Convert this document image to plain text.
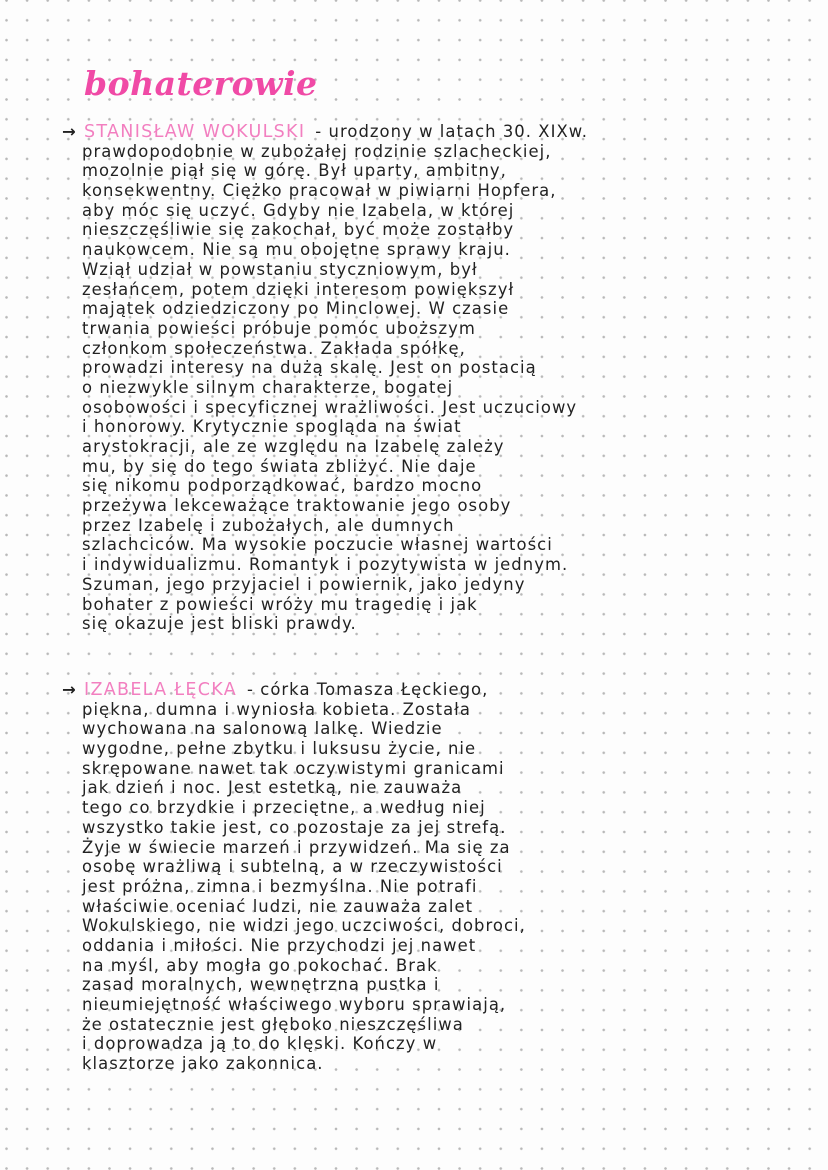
bohaterowie
→ STANISŁAW WOKULSKI - urodzony w latach 30. XIXw.
prawdopodobnie w zubożałej rodzinie szlacheckiej,
mozolnie piął się w górę. Był uparty, ambitny,
konsekwentny. Ciężko pracował w piwiarni Hopfera,
aby móc się uczyć. Gdyby nie Izabela, w której
nieszczęśliwie się zakochał, być może zostałby
naukowcem. Nie są mu obojętne sprawy kraju.
Wziął udział w powstaniu styczniowym, był
zesłańcem, potem dzięki interesom powiększył
majątek odziedziczony po Minclowej. W czasie
trwania powieści próbuje pomóc uboższym
członkom społeczeństwa. Zakłada spółkę,
prowadzi interesy na dużą skalę. Jest on postacią
o niezwykle silnym charakterze, bogatej
osobowości i specyficznej wrażliwości. Jest uczuciowy
i honorowy. Krytycznie spogląda na świat
arystokracji, ale ze względu na Izabelę zależy
mu, by się do tego świata zbliżyć. Nie daje
się nikomu podporządkować, bardzo mocno
przeżywa lekceważące traktowanie jego osoby
przez Izabelę i zubożałych, ale dumnych
szlachciców. Ma wysokie poczucie własnej wartości
i indywidualizmu. Romantyk i pozytywista w jednym.
Szuman, jego przyjaciel i powiernik, jako jedyny
bohater z powieści wróży mu tragedię i jak
się okazuje jest bliski prawdy.
→ IZABELA ŁĘCKA - córka Tomasza Łęckiego,
piękna, dumna i wyniosła kobieta. Została
wychowana na salonową lalkę. Wiedzie
wygodne, pełne zbytku i luksusu życie, nie
skrępowane nawet tak oczywistymi granicami
jak dzień i noc. Jest estetką, nie zauważa
tego co brzydkie i przeciętne, a według niej
wszystko takie jest, co pozostaje za jej strefą.
Żyje w świecie marzeń i przywidzeń. Ma się za
osobę wrażliwą i subtelną, a w rzeczywistości
jest próżna, zimna i bezmyślna. Nie potrafi
właściwie oceniać ludzi, nie zauważa zalet
Wokulskiego, nie widzi jego uczciwości, dobroci,
oddania i miłości. Nie przychodzi jej nawet
na myśl, aby mogła go pokochać. Brak
zasad moralnych, wewnętrzna pustka i
nieumiejętność właściwego wyboru sprawiają,
że ostatecznie jest głęboko nieszczęśliwa
i doprowadza ją to do klęski. Kończy w
klasztorze jako zakonnica.
